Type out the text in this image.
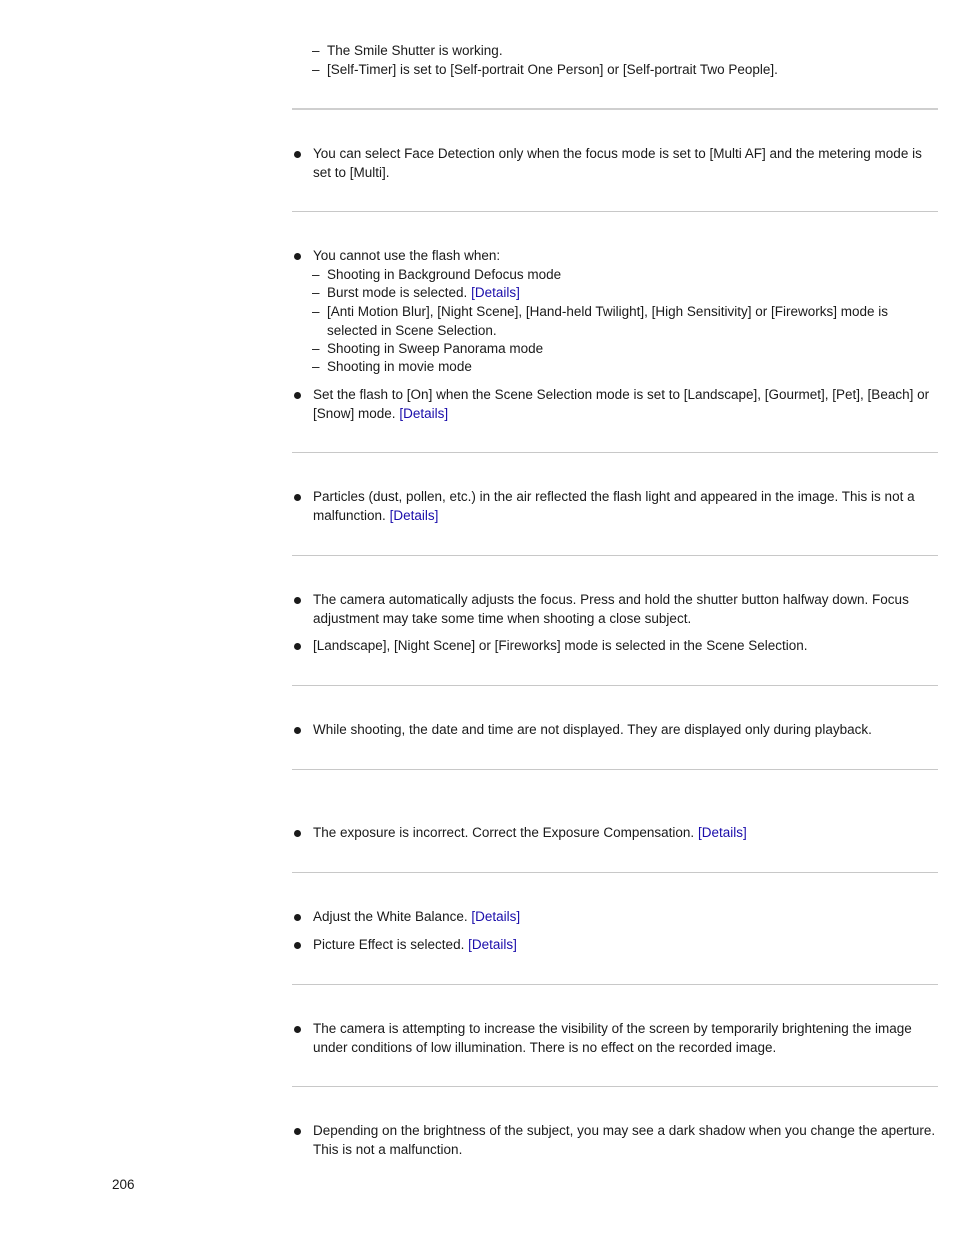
– The Smile Shutter is working.
– [Self-Timer] is set to [Self-portrait One Person] or [Self-portrait Two People].
You can select Face Detection only when the focus mode is set to [Multi AF] and the metering mode is set to [Multi].
You cannot use the flash when:
– Shooting in Background Defocus mode
– Burst mode is selected. [Details]
– [Anti Motion Blur], [Night Scene], [Hand-held Twilight], [High Sensitivity] or [Fireworks] mode is selected in Scene Selection.
– Shooting in Sweep Panorama mode
– Shooting in movie mode
Set the flash to [On] when the Scene Selection mode is set to [Landscape], [Gourmet], [Pet], [Beach] or [Snow] mode. [Details]
Particles (dust, pollen, etc.) in the air reflected the flash light and appeared in the image. This is not a malfunction. [Details]
The camera automatically adjusts the focus. Press and hold the shutter button halfway down. Focus adjustment may take some time when shooting a close subject.
[Landscape], [Night Scene] or [Fireworks] mode is selected in the Scene Selection.
While shooting, the date and time are not displayed. They are displayed only during playback.
The exposure is incorrect. Correct the Exposure Compensation. [Details]
Adjust the White Balance. [Details]
Picture Effect is selected. [Details]
The camera is attempting to increase the visibility of the screen by temporarily brightening the image under conditions of low illumination. There is no effect on the recorded image.
Depending on the brightness of the subject, you may see a dark shadow when you change the aperture. This is not a malfunction.
206
